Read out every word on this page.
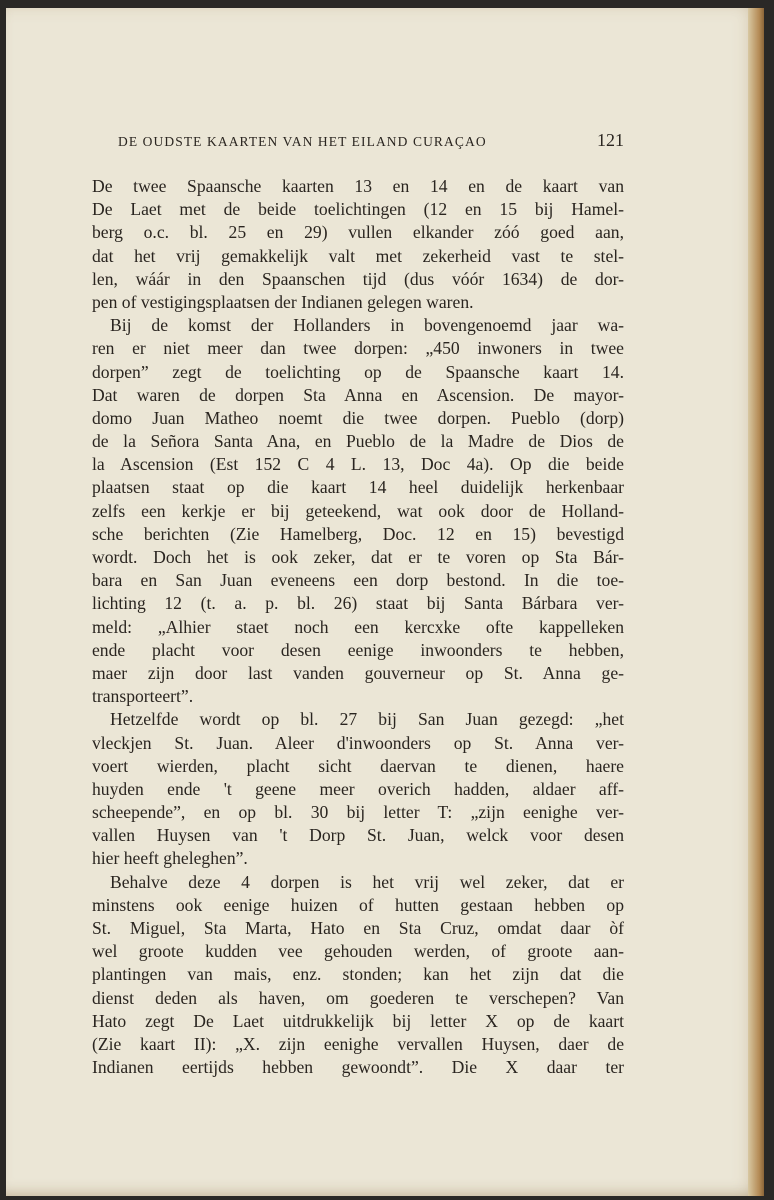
DE OUDSTE KAARTEN VAN HET EILAND CURAÇAO	121
De twee Spaansche kaarten 13 en 14 en de kaart van
De Laet met de beide toelichtingen (12 en 15 bij Hamel-
berg o.c. bl. 25 en 29) vullen elkander zóó goed aan,
dat het vrij gemakkelijk valt met zekerheid vast te stel-
len, wáár in den Spaanschen tijd (dus vóór 1634) de dor-
pen of vestigingsplaatsen der Indianen gelegen waren.
Bij de komst der Hollanders in bovengenoemd jaar wa-
ren er niet meer dan twee dorpen: „450 inwoners in twee
dorpen” zegt de toelichting op de Spaansche kaart 14.
Dat waren de dorpen Sta Anna en Ascension. De mayor-
domo Juan Matheo noemt die twee dorpen. Pueblo (dorp)
de la Señora Santa Ana, en Pueblo de la Madre de Dios de
la Ascension (Est 152 C 4 L. 13, Doc 4a). Op die beide
plaatsen staat op die kaart 14 heel duidelijk herkenbaar
zelfs een kerkje er bij geteekend, wat ook door de Holland-
sche berichten (Zie Hamelberg, Doc. 12 en 15) bevestigd
wordt. Doch het is ook zeker, dat er te voren op Sta Bár-
bara en San Juan eveneens een dorp bestond. In die toe-
lichting 12 (t. a. p. bl. 26) staat bij Santa Bárbara ver-
meld: „Alhier staet noch een kercxke ofte kappelleken
ende placht voor desen eenige inwoonders te hebben,
maer zijn door last vanden gouverneur op St. Anna ge-
transporteert”.
Hetzelfde wordt op bl. 27 bij San Juan gezegd: „het
vleckjen St. Juan. Aleer d'inwoonders op St. Anna ver-
voert wierden, placht sicht daervan te dienen, haere
huyden ende 't geene meer overich hadden, aldaer aff-
scheepende”, en op bl. 30 bij letter T: „zijn eenighe ver-
vallen Huysen van 't Dorp St. Juan, welck voor desen
hier heeft gheleghen”.
Behalve deze 4 dorpen is het vrij wel zeker, dat er
minstens ook eenige huizen of hutten gestaan hebben op
St. Miguel, Sta Marta, Hato en Sta Cruz, omdat daar òf
wel groote kudden vee gehouden werden, of groote aan-
plantingen van mais, enz. stonden; kan het zijn dat die
dienst deden als haven, om goederen te verschepen? Van
Hato zegt De Laet uitdrukkelijk bij letter X op de kaart
(Zie kaart II): „X. zijn eenighe vervallen Huysen, daer de
Indianen eertijds hebben gewoondt”. Die X daar ter
